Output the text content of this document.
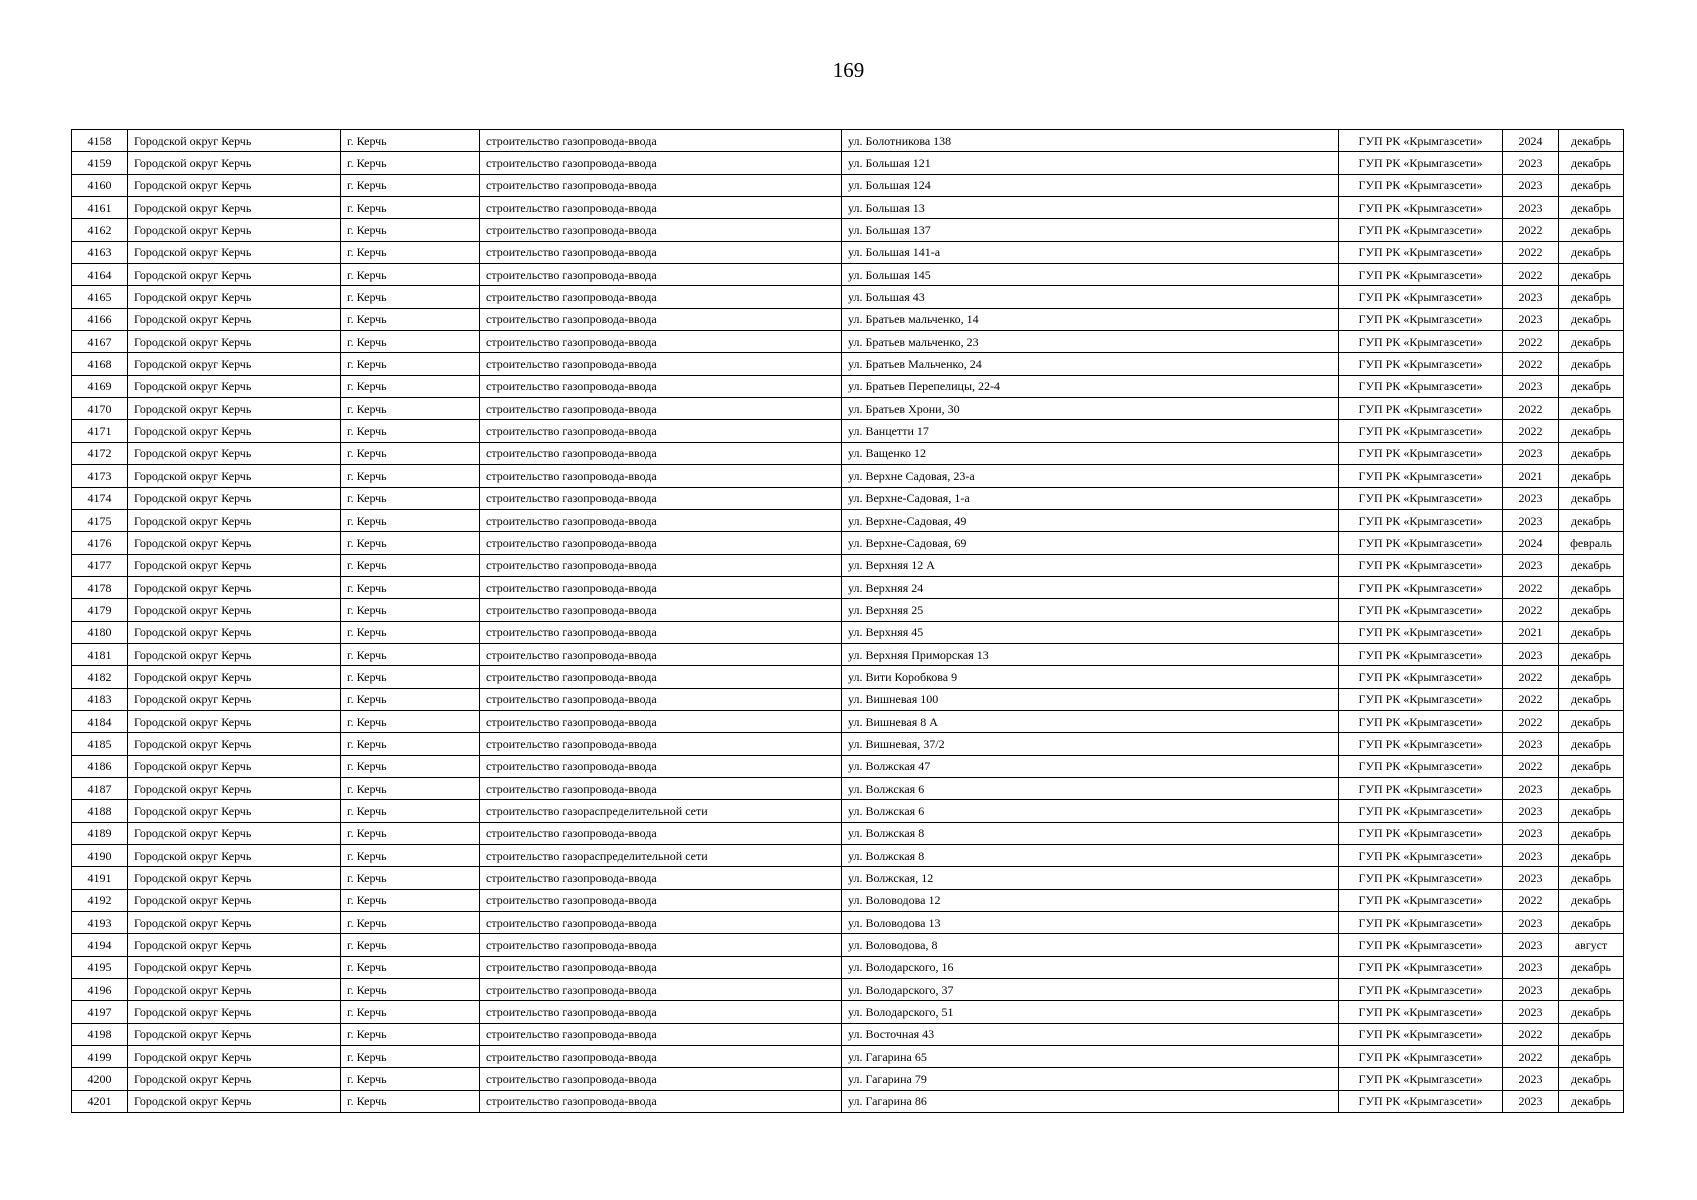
169
4158	Городской округ Керчь	г. Керчь	строительство газопровода-ввода	ул. Болотникова 138	ГУП РК «Крымгазсети»	2024	декабрь
4159	Городской округ Керчь	г. Керчь	строительство газопровода-ввода	ул. Большая 121	ГУП РК «Крымгазсети»	2023	декабрь
4160	Городской округ Керчь	г. Керчь	строительство газопровода-ввода	ул. Большая 124	ГУП РК «Крымгазсети»	2023	декабрь
4161	Городской округ Керчь	г. Керчь	строительство газопровода-ввода	ул. Большая 13	ГУП РК «Крымгазсети»	2023	декабрь
4162	Городской округ Керчь	г. Керчь	строительство газопровода-ввода	ул. Большая 137	ГУП РК «Крымгазсети»	2022	декабрь
4163	Городской округ Керчь	г. Керчь	строительство газопровода-ввода	ул. Большая 141-а	ГУП РК «Крымгазсети»	2022	декабрь
4164	Городской округ Керчь	г. Керчь	строительство газопровода-ввода	ул. Большая 145	ГУП РК «Крымгазсети»	2022	декабрь
4165	Городской округ Керчь	г. Керчь	строительство газопровода-ввода	ул. Большая 43	ГУП РК «Крымгазсети»	2023	декабрь
4166	Городской округ Керчь	г. Керчь	строительство газопровода-ввода	ул. Братьев мальченко, 14	ГУП РК «Крымгазсети»	2023	декабрь
4167	Городской округ Керчь	г. Керчь	строительство газопровода-ввода	ул. Братьев мальченко, 23	ГУП РК «Крымгазсети»	2022	декабрь
4168	Городской округ Керчь	г. Керчь	строительство газопровода-ввода	ул. Братьев Мальченко, 24	ГУП РК «Крымгазсети»	2022	декабрь
4169	Городской округ Керчь	г. Керчь	строительство газопровода-ввода	ул. Братьев Перепелицы, 22-4	ГУП РК «Крымгазсети»	2023	декабрь
4170	Городской округ Керчь	г. Керчь	строительство газопровода-ввода	ул. Братьев Хрони, 30	ГУП РК «Крымгазсети»	2022	декабрь
4171	Городской округ Керчь	г. Керчь	строительство газопровода-ввода	ул. Ванцетти 17	ГУП РК «Крымгазсети»	2022	декабрь
4172	Городской округ Керчь	г. Керчь	строительство газопровода-ввода	ул. Ващенко 12	ГУП РК «Крымгазсети»	2023	декабрь
4173	Городской округ Керчь	г. Керчь	строительство газопровода-ввода	ул. Верхне Садовая, 23-а	ГУП РК «Крымгазсети»	2021	декабрь
4174	Городской округ Керчь	г. Керчь	строительство газопровода-ввода	ул. Верхне-Садовая, 1-а	ГУП РК «Крымгазсети»	2023	декабрь
4175	Городской округ Керчь	г. Керчь	строительство газопровода-ввода	ул. Верхне-Садовая, 49	ГУП РК «Крымгазсети»	2023	декабрь
4176	Городской округ Керчь	г. Керчь	строительство газопровода-ввода	ул. Верхне-Садовая, 69	ГУП РК «Крымгазсети»	2024	февраль
4177	Городской округ Керчь	г. Керчь	строительство газопровода-ввода	ул. Верхняя 12 А	ГУП РК «Крымгазсети»	2023	декабрь
4178	Городской округ Керчь	г. Керчь	строительство газопровода-ввода	ул. Верхняя 24	ГУП РК «Крымгазсети»	2022	декабрь
4179	Городской округ Керчь	г. Керчь	строительство газопровода-ввода	ул. Верхняя 25	ГУП РК «Крымгазсети»	2022	декабрь
4180	Городской округ Керчь	г. Керчь	строительство газопровода-ввода	ул. Верхняя 45	ГУП РК «Крымгазсети»	2021	декабрь
4181	Городской округ Керчь	г. Керчь	строительство газопровода-ввода	ул. Верхняя Приморская 13	ГУП РК «Крымгазсети»	2023	декабрь
4182	Городской округ Керчь	г. Керчь	строительство газопровода-ввода	ул. Вити Коробкова 9	ГУП РК «Крымгазсети»	2022	декабрь
4183	Городской округ Керчь	г. Керчь	строительство газопровода-ввода	ул. Вишневая 100	ГУП РК «Крымгазсети»	2022	декабрь
4184	Городской округ Керчь	г. Керчь	строительство газопровода-ввода	ул. Вишневая 8 А	ГУП РК «Крымгазсети»	2022	декабрь
4185	Городской округ Керчь	г. Керчь	строительство газопровода-ввода	ул. Вишневая, 37/2	ГУП РК «Крымгазсети»	2023	декабрь
4186	Городской округ Керчь	г. Керчь	строительство газопровода-ввода	ул. Волжская 47	ГУП РК «Крымгазсети»	2022	декабрь
4187	Городской округ Керчь	г. Керчь	строительство газопровода-ввода	ул. Волжская 6	ГУП РК «Крымгазсети»	2023	декабрь
4188	Городской округ Керчь	г. Керчь	строительство газораспределительной сети	ул. Волжская 6	ГУП РК «Крымгазсети»	2023	декабрь
4189	Городской округ Керчь	г. Керчь	строительство газопровода-ввода	ул. Волжская 8	ГУП РК «Крымгазсети»	2023	декабрь
4190	Городской округ Керчь	г. Керчь	строительство газораспределительной сети	ул. Волжская 8	ГУП РК «Крымгазсети»	2023	декабрь
4191	Городской округ Керчь	г. Керчь	строительство газопровода-ввода	ул. Волжская, 12	ГУП РК «Крымгазсети»	2023	декабрь
4192	Городской округ Керчь	г. Керчь	строительство газопровода-ввода	ул. Воловодова 12	ГУП РК «Крымгазсети»	2022	декабрь
4193	Городской округ Керчь	г. Керчь	строительство газопровода-ввода	ул. Воловодова 13	ГУП РК «Крымгазсети»	2023	декабрь
4194	Городской округ Керчь	г. Керчь	строительство газопровода-ввода	ул. Воловодова, 8	ГУП РК «Крымгазсети»	2023	август
4195	Городской округ Керчь	г. Керчь	строительство газопровода-ввода	ул. Володарского, 16	ГУП РК «Крымгазсети»	2023	декабрь
4196	Городской округ Керчь	г. Керчь	строительство газопровода-ввода	ул. Володарского, 37	ГУП РК «Крымгазсети»	2023	декабрь
4197	Городской округ Керчь	г. Керчь	строительство газопровода-ввода	ул. Володарского, 51	ГУП РК «Крымгазсети»	2023	декабрь
4198	Городской округ Керчь	г. Керчь	строительство газопровода-ввода	ул. Восточная 43	ГУП РК «Крымгазсети»	2022	декабрь
4199	Городской округ Керчь	г. Керчь	строительство газопровода-ввода	ул. Гагарина 65	ГУП РК «Крымгазсети»	2022	декабрь
4200	Городской округ Керчь	г. Керчь	строительство газопровода-ввода	ул. Гагарина 79	ГУП РК «Крымгазсети»	2023	декабрь
4201	Городской округ Керчь	г. Керчь	строительство газопровода-ввода	ул. Гагарина 86	ГУП РК «Крымгазсети»	2023	декабрь
